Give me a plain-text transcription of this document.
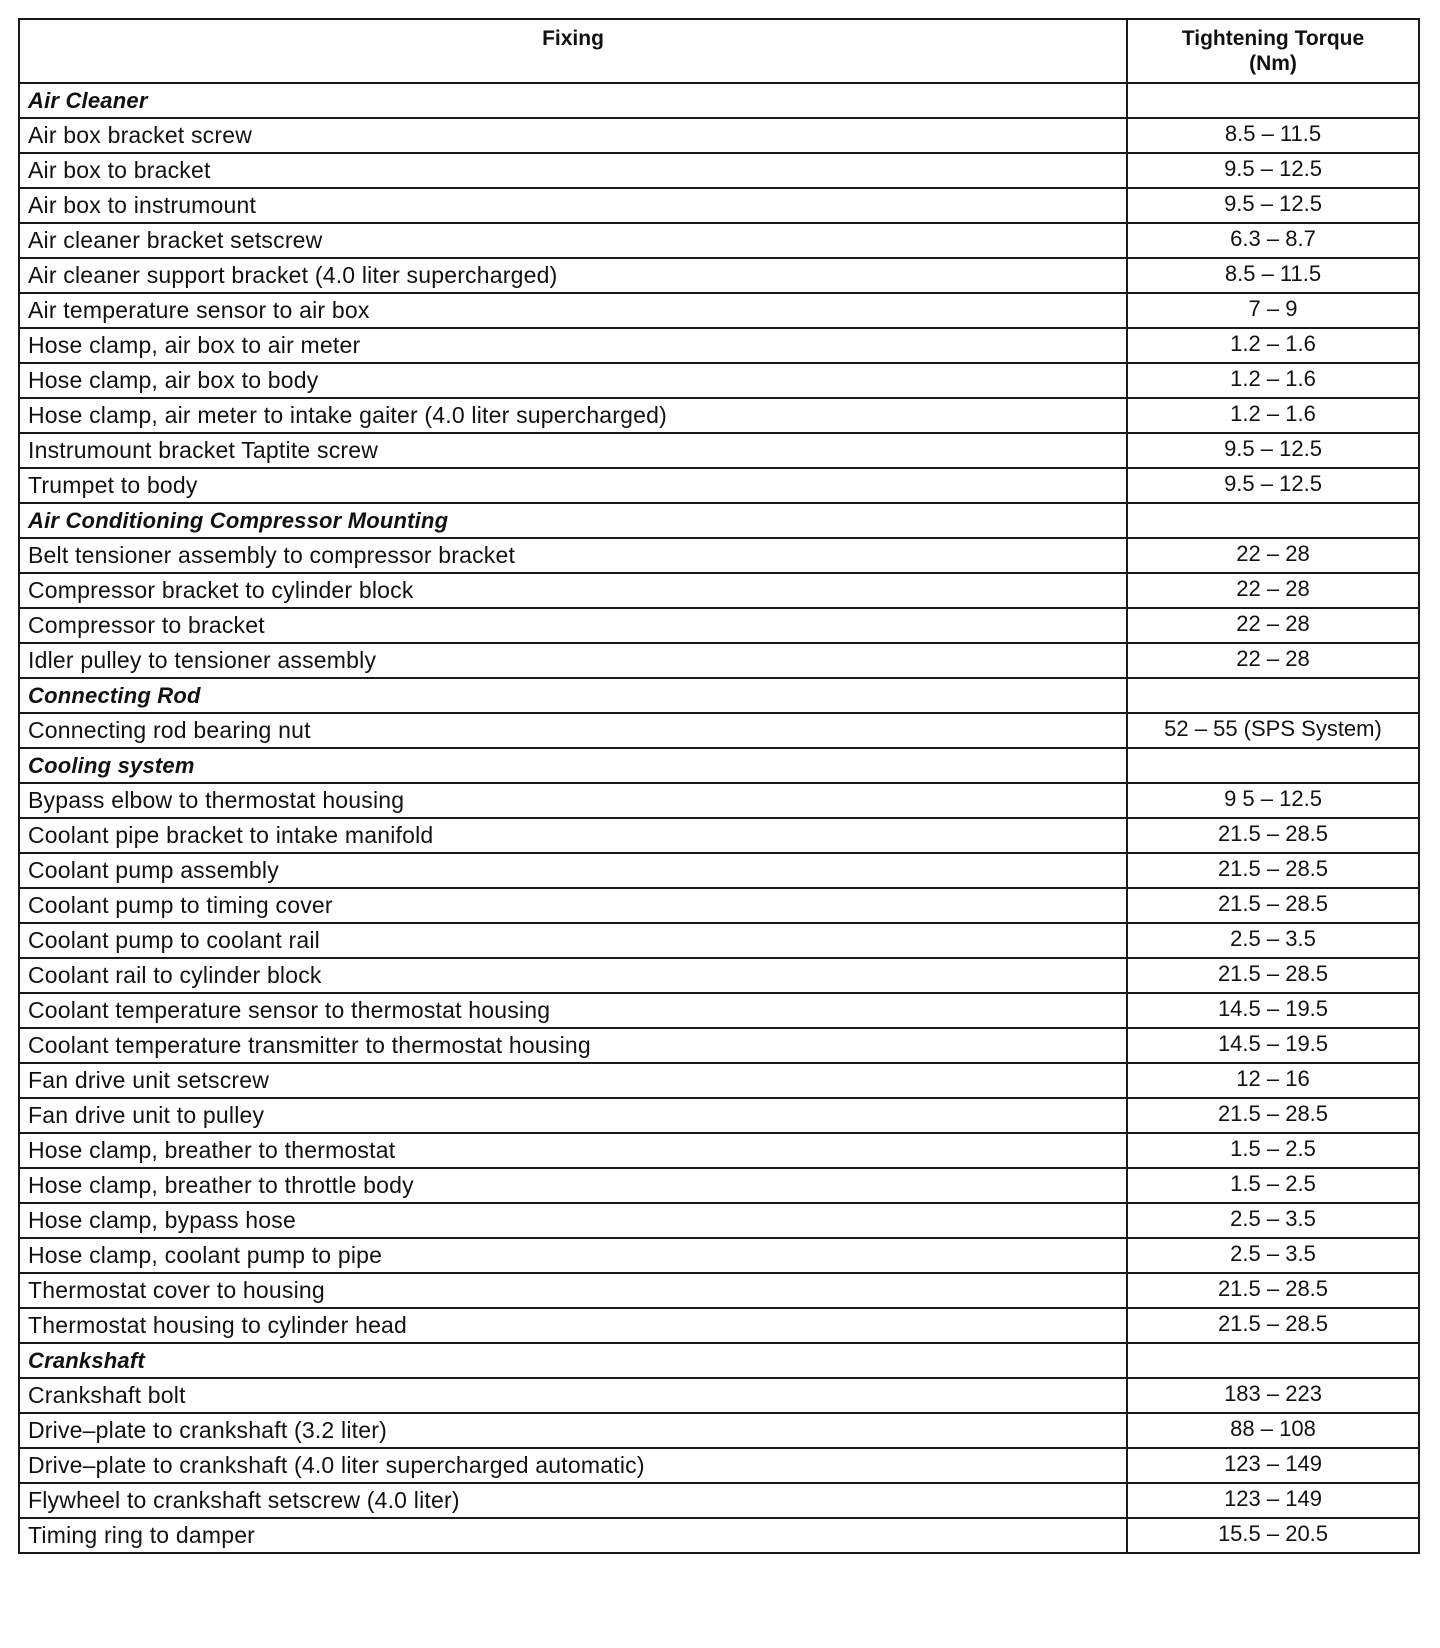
Fixing	Tightening Torque
(Nm)

Air Cleaner	
Air box bracket screw	8.5 – 11.5
Air box to bracket	9.5 – 12.5
Air box to instrumount	9.5 – 12.5
Air cleaner bracket setscrew	6.3 – 8.7
Air cleaner support bracket (4.0 liter supercharged)	8.5 – 11.5
Air temperature sensor to air box	7 – 9
Hose clamp, air box to air meter	1.2 – 1.6
Hose clamp, air box to body	1.2 – 1.6
Hose clamp, air meter to intake gaiter (4.0 liter supercharged)	1.2 – 1.6
Instrumount bracket Taptite screw	9.5 – 12.5
Trumpet to body	9.5 – 12.5
Air Conditioning Compressor Mounting	
Belt tensioner assembly to compressor bracket	22 – 28
Compressor bracket to cylinder block	22 – 28
Compressor to bracket	22 – 28
Idler pulley to tensioner assembly	22 – 28
Connecting Rod	
Connecting rod bearing nut	52 – 55 (SPS System)
Cooling system	
Bypass elbow to thermostat housing	9 5 – 12.5
Coolant pipe bracket to intake manifold	21.5 – 28.5
Coolant pump assembly	21.5 – 28.5
Coolant pump to timing cover	21.5 – 28.5
Coolant pump to coolant rail	2.5 – 3.5
Coolant rail to cylinder block	21.5 – 28.5
Coolant temperature sensor to thermostat housing	14.5 – 19.5
Coolant temperature transmitter to thermostat housing	14.5 – 19.5
Fan drive unit setscrew	12 – 16
Fan drive unit to pulley	21.5 – 28.5
Hose clamp, breather to thermostat	1.5 – 2.5
Hose clamp, breather to throttle body	1.5 – 2.5
Hose clamp, bypass hose	2.5 – 3.5
Hose clamp, coolant pump to pipe	2.5 – 3.5
Thermostat cover to housing	21.5 – 28.5
Thermostat housing to cylinder head	21.5 – 28.5
Crankshaft	
Crankshaft bolt	183 – 223
Drive–plate to crankshaft (3.2 liter)	88 – 108
Drive–plate to crankshaft (4.0 liter supercharged automatic)	123 – 149
Flywheel to crankshaft setscrew (4.0 liter)	123 – 149
Timing ring to damper	15.5 – 20.5
